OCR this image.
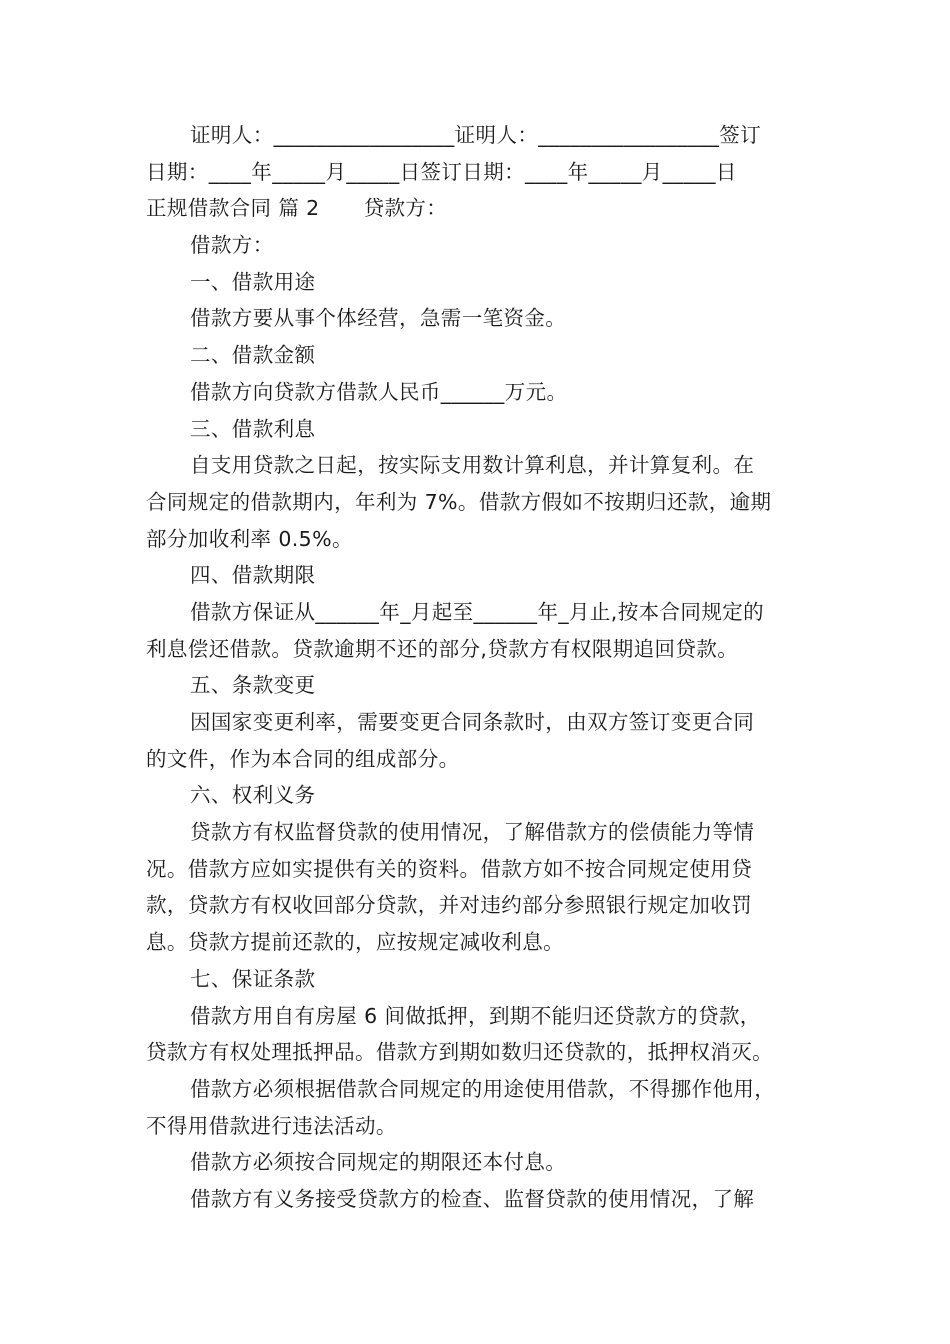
证明人：_________________证明人：_________________签订
日期：____年_____月_____日签订日期：____年_____月_____日
正规借款合同 篇 2 贷款方：
借款方：
一、借款用途
借款方要从事个体经营，急需一笔资金。
二、借款金额
借款方向贷款方借款人民币______万元。
三、借款利息
自支用贷款之日起，按实际支用数计算利息，并计算复利。在
合同规定的借款期内，年利为 7%。借款方假如不按期归还款，逾期
部分加收利率 0.5%。
四、借款期限
借款方保证从______年_月起至______年_月止,按本合同规定的
利息偿还借款。贷款逾期不还的部分,贷款方有权限期追回贷款。
五、条款变更
因国家变更利率，需要变更合同条款时，由双方签订变更合同
的文件，作为本合同的组成部分。
六、权利义务
贷款方有权监督贷款的使用情况，了解借款方的偿债能力等情
况。借款方应如实提供有关的资料。借款方如不按合同规定使用贷
款，贷款方有权收回部分贷款，并对违约部分参照银行规定加收罚
息。贷款方提前还款的，应按规定减收利息。
七、保证条款
借款方用自有房屋 6 间做抵押，到期不能归还贷款方的贷款，
贷款方有权处理抵押品。借款方到期如数归还贷款的，抵押权消灭。
借款方必须根据借款合同规定的用途使用借款，不得挪作他用，
不得用借款进行违法活动。
借款方必须按合同规定的期限还本付息。
借款方有义务接受贷款方的检查、监督贷款的使用情况，了解
